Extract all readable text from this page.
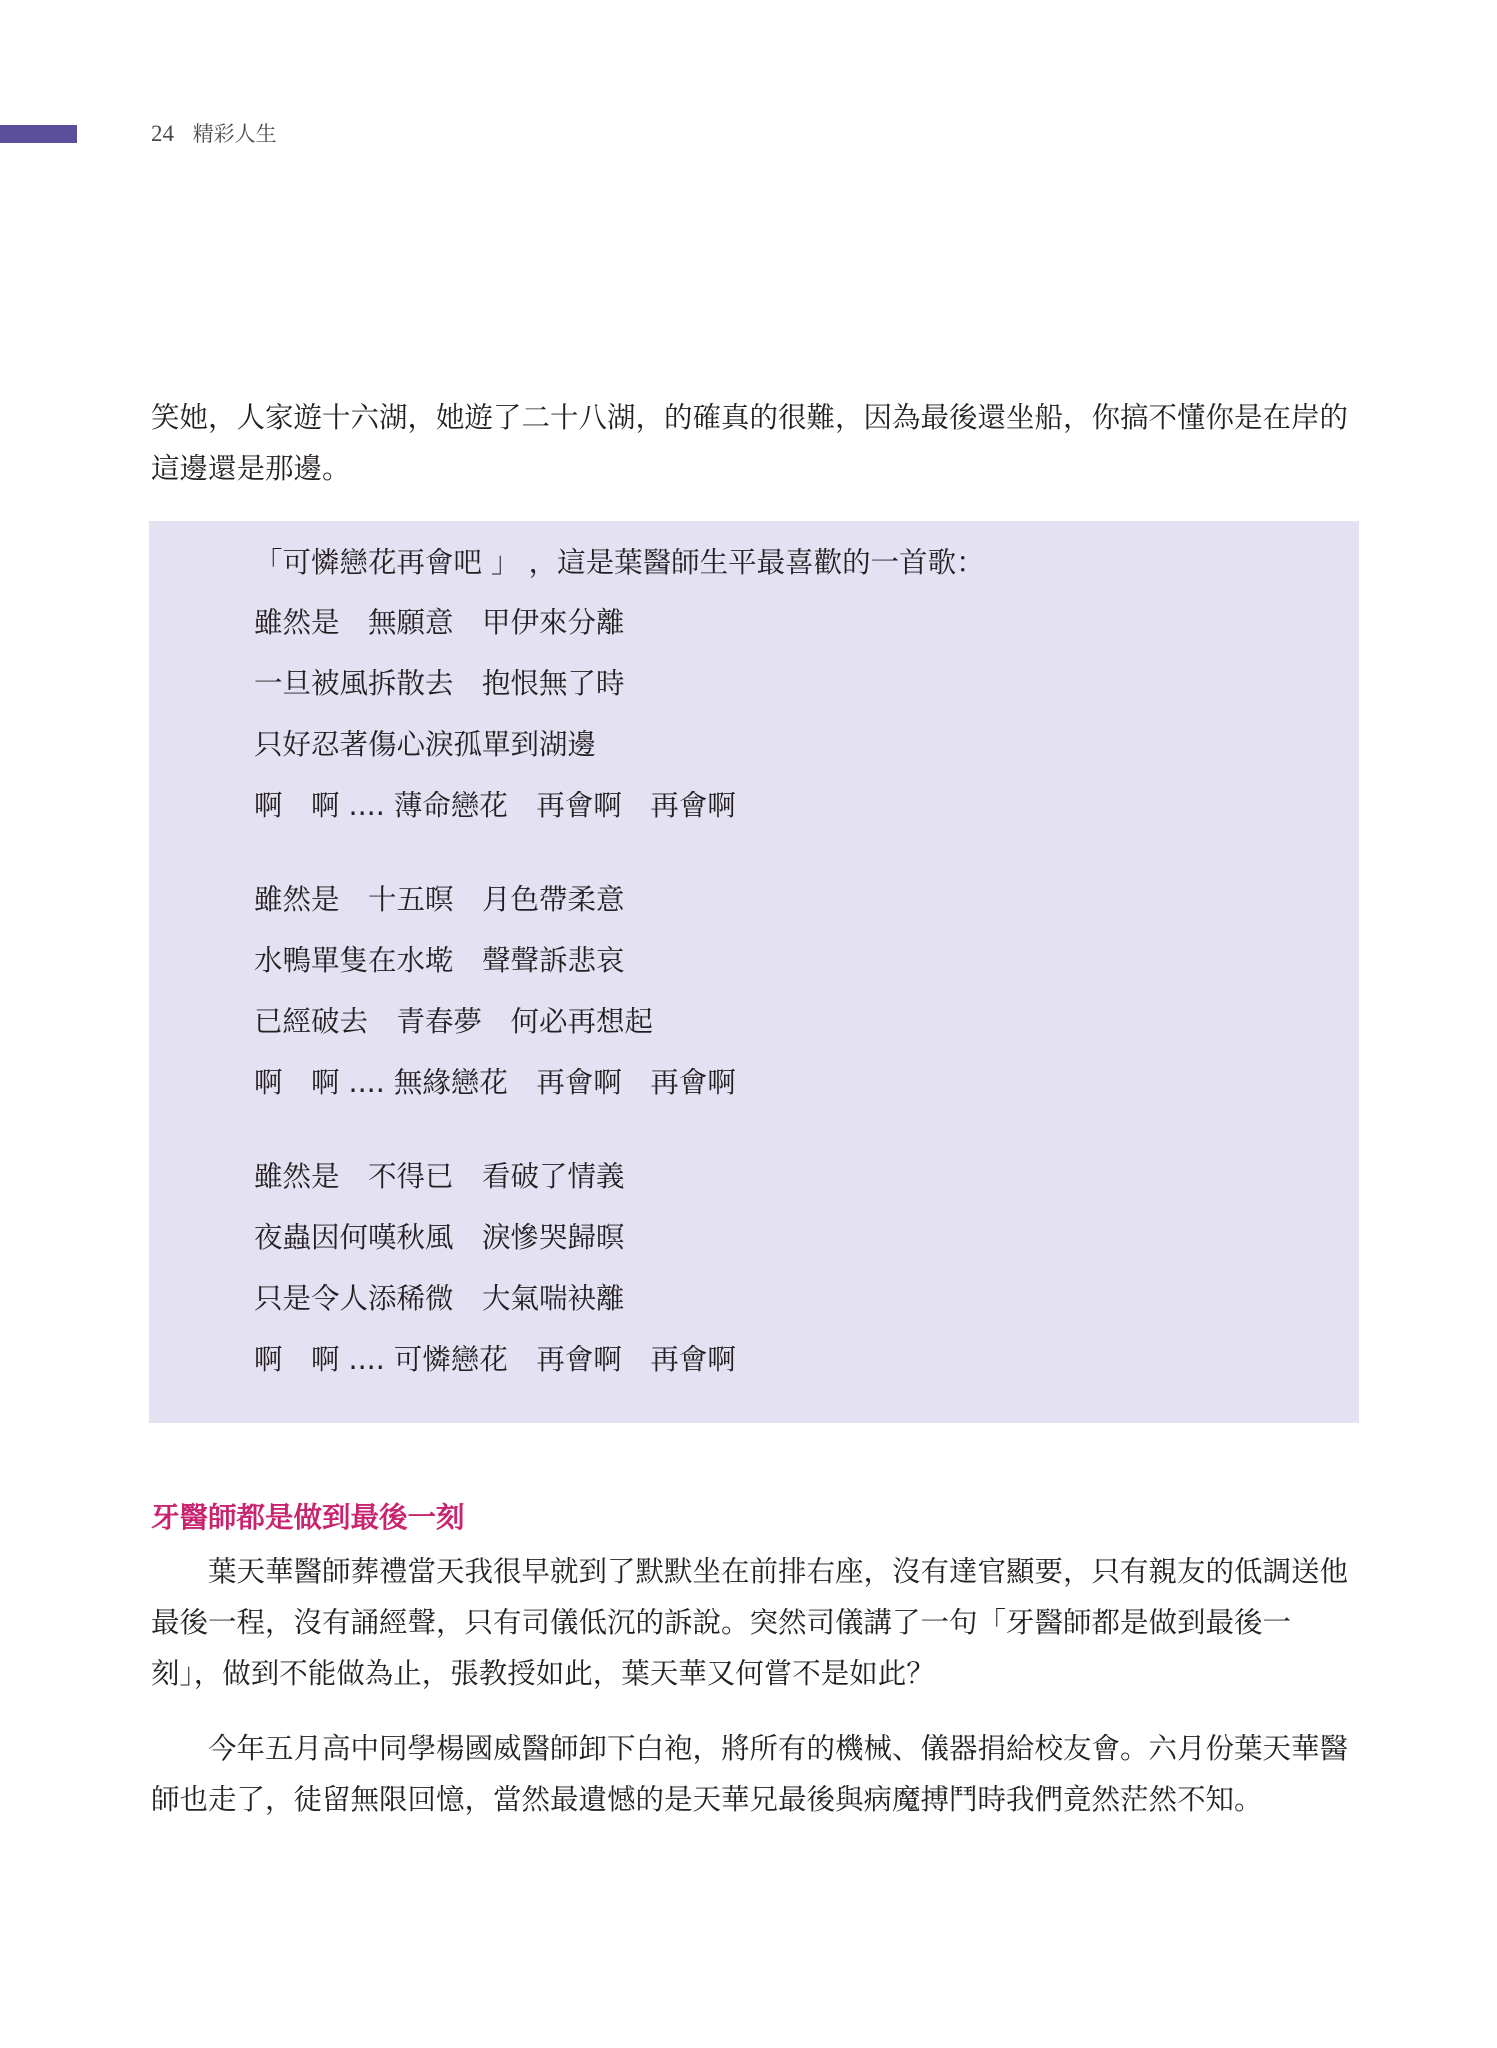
24 精彩人生

笑她，人家遊十六湖，她遊了二十八湖，的確真的很難，因為最後還坐船，你搞不懂你是在岸的這邊還是那邊。

「可憐戀花再會吧 」 ，這是葉醫師生平最喜歡的一首歌：
雖然是　無願意　甲伊來分離
一旦被風拆散去　抱恨無了時
只好忍著傷心淚孤單到湖邊
啊　啊 .... 薄命戀花　再會啊　再會啊
雖然是　十五暝　月色帶柔意
水鴨單隻在水墘　聲聲訴悲哀
已經破去　青春夢　何必再想起
啊　啊 .... 無緣戀花　再會啊　再會啊
雖然是　不得已　看破了情義
夜蟲因何嘆秋風　淚慘哭歸暝
只是令人添稀微　大氣喘袂離
啊　啊 .... 可憐戀花　再會啊　再會啊
牙醫師都是做到最後一刻

葉天華醫師葬禮當天我很早就到了默默坐在前排右座，沒有達官顯要，只有親友的低調送他最後一程，沒有誦經聲，只有司儀低沉的訴說。突然司儀講了一句「牙醫師都是做到最後一刻」，做到不能做為止，張教授如此，葉天華又何嘗不是如此？

今年五月高中同學楊國威醫師卸下白袍，將所有的機械、儀器捐給校友會。六月份葉天華醫師也走了，徒留無限回憶，當然最遺憾的是天華兄最後與病魔搏鬥時我們竟然茫然不知。
